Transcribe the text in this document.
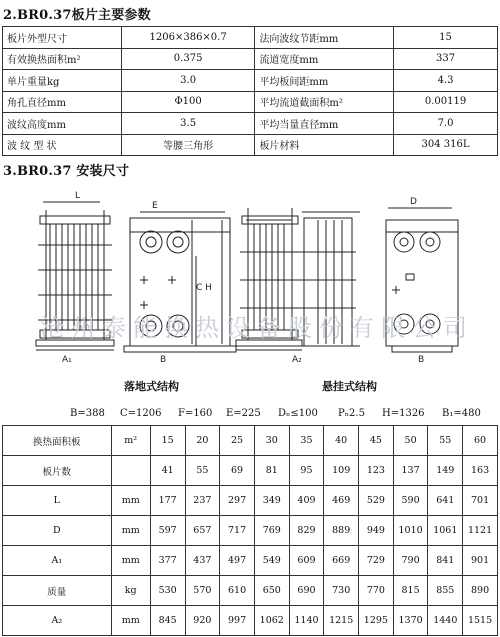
2.BR0.37板片主要参数
板片外型尺寸	1206×386×0.7	法向波纹节距mm	15
有效换热面积m²	0.375	流道宽度mm	337
单片重量kg	3.0	平均板间距mm	4.3
角孔直径mm	Φ100	平均流道截面积m²	0.00119
波纹高度mm	3.5	平均当量直径mm	7.0
波 纹 型 状	等腰三角形	板片材料	304 316L
3.BR0.37 安装尺寸
L
A₁
E
C H
B	A₂
D
B
沧州泰能换热设备股份有限公司
落地式结构	悬挂式结构
B=388 C=1206 F=160 E=225 Dₙ≤100 Pₙ2.5 H=1326 B₁=480
换热面积板	m²	15	20	25	30	35	40	45	50	55	60
板片数		41	55	69	81	95	109	123	137	149	163
L	mm	177	237	297	349	409	469	529	590	641	701
D	mm	597	657	717	769	829	889	949	1010	1061	1121
A₁	mm	377	437	497	549	609	669	729	790	841	901
质量	kg	530	570	610	650	690	730	770	815	855	890
A₂	mm	845	920	997	1062	1140	1215	1295	1370	1440	1515
